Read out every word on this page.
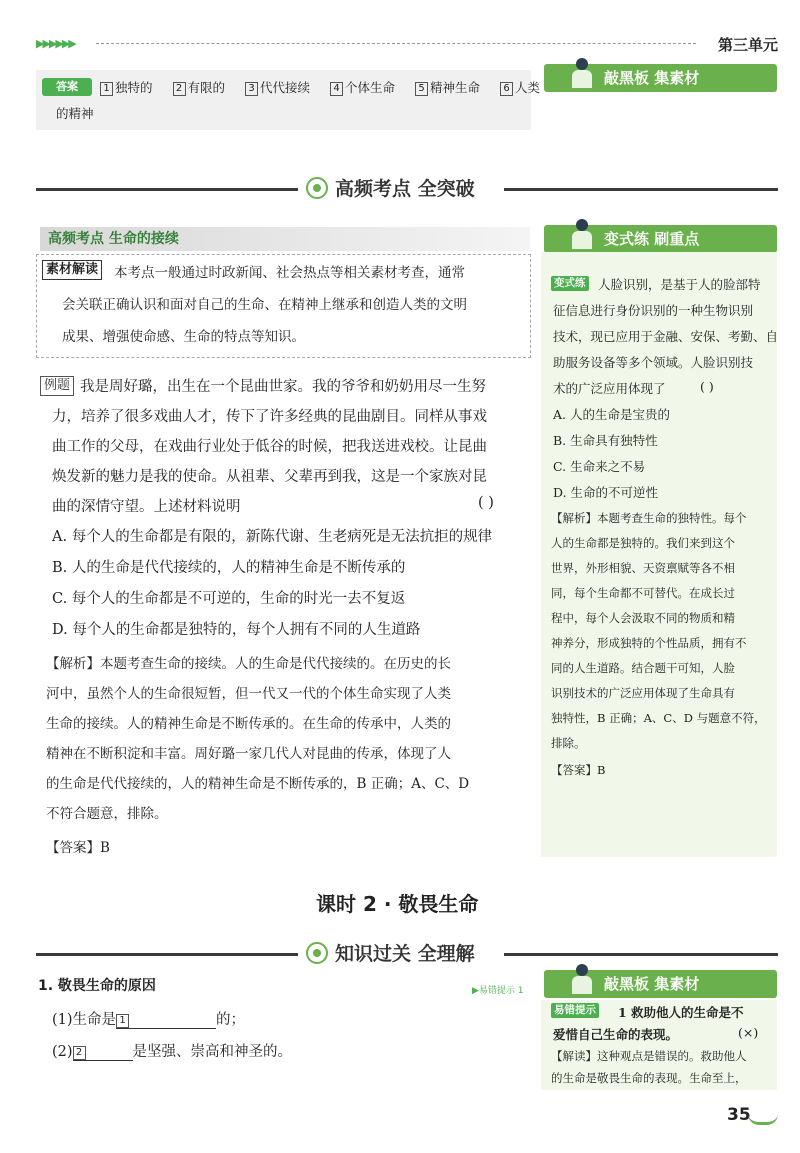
▶▶▶▶▶▶	第三单元
答案	1 独特的 2 有限的 3 代代接续 4 个体生命 5 精神生命 6 人类
的精神
敲黑板 集素材
高频考点 全突破
高频考点 生命的接续
素材解读 本考点一般通过时政新闻、社会热点等相关素材考查，通常
会关联正确认识和面对自己的生命、在精神上继承和创造人类的文明
成果、增强使命感、生命的特点等知识。
变式练 刷重点
例题 我是周好璐，出生在一个昆曲世家。我的爷爷和奶奶用尽一生努
力，培养了很多戏曲人才，传下了许多经典的昆曲剧目。同样从事戏
曲工作的父母，在戏曲行业处于低谷的时候，把我送进戏校。让昆曲
焕发新的魅力是我的使命。从祖辈、父辈再到我，这是一个家族对昆
曲的深情守望。上述材料说明	( )
A. 每个人的生命都是有限的，新陈代谢、生老病死是无法抗拒的规律
B. 人的生命是代代接续的，人的精神生命是不断传承的
C. 每个人的生命都是不可逆的，生命的时光一去不复返
D. 每个人的生命都是独特的，每个人拥有不同的人生道路
【解析】本题考查生命的接续。人的生命是代代接续的。在历史的长
河中，虽然个人的生命很短暂，但一代又一代的个体生命实现了人类
生命的接续。人的精神生命是不断传承的。在生命的传承中，人类的
精神在不断积淀和丰富。周好璐一家几代人对昆曲的传承，体现了人
的生命是代代接续的，人的精神生命是不断传承的，B 正确；A、C、D
不符合题意，排除。
【答案】B
变式练 人脸识别，是基于人的脸部特
征信息进行身份识别的一种生物识别
技术，现已应用于金融、安保、考勤、自
助服务设备等多个领域。人脸识别技
术的广泛应用体现了	( )
A. 人的生命是宝贵的
B. 生命具有独特性
C. 生命来之不易
D. 生命的不可逆性
【解析】本题考查生命的独特性。每个
人的生命都是独特的。我们来到这个
世界，外形相貌、天资禀赋等各不相
同，每个生命都不可替代。在成长过
程中，每个人会汲取不同的物质和精
神养分，形成独特的个性品质，拥有不
同的人生道路。结合题干可知，人脸
识别技术的广泛应用体现了生命具有
独特性，B 正确；A、C、D 与题意不符，
排除。
【答案】B
课时 2 · 敬畏生命
知识过关 全理解
1. 敬畏生命的原因	▶易错提示 1
(1)生命是 1	的；
(2) 2	是坚强、崇高和神圣的。
敲黑板 集素材
易错提示 1 救助他人的生命是不
爱惜自己生命的表现。	(×)
【解读】这种观点是错误的。救助他人
的生命是敬畏生命的表现。生命至上，
35
